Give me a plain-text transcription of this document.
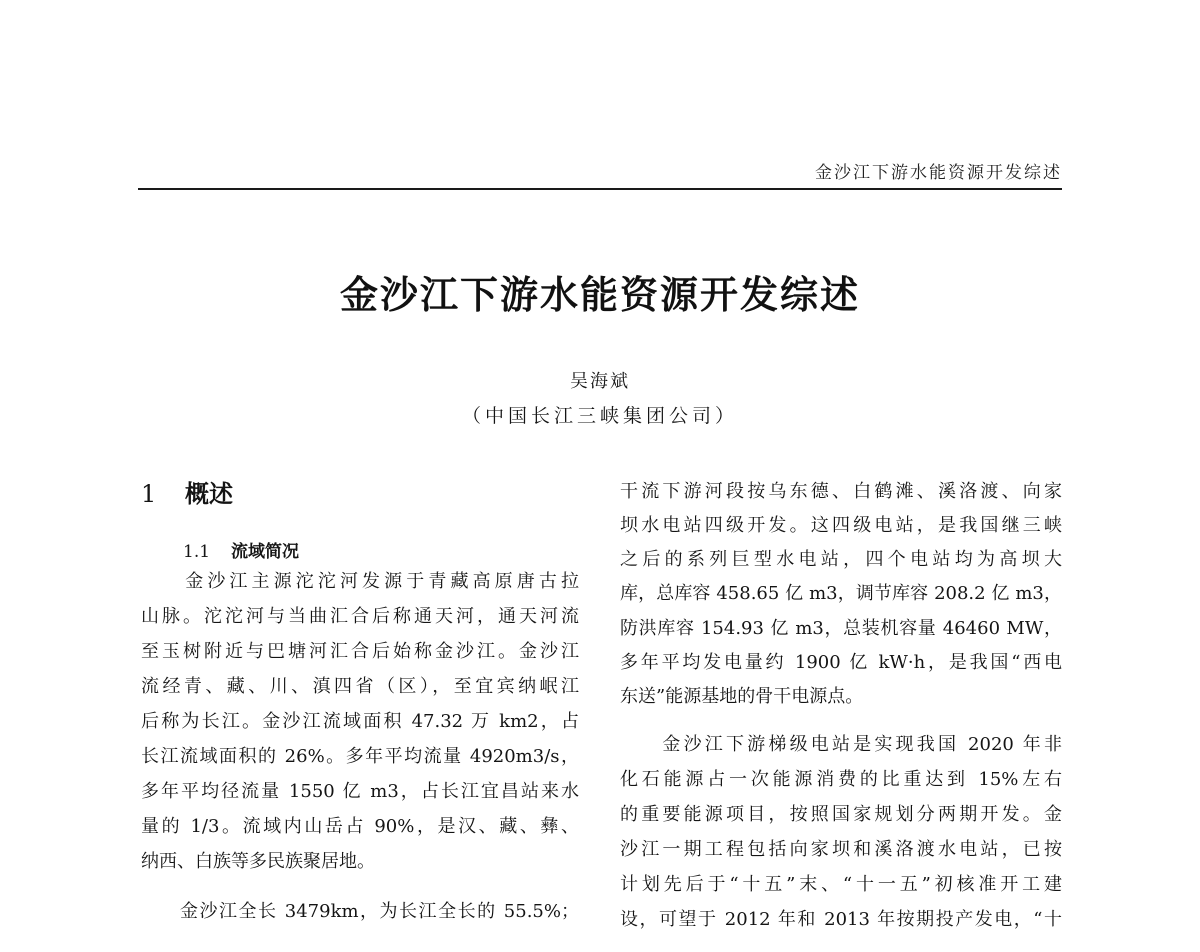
金沙江下游水能资源开发综述
金沙江下游水能资源开发综述
吴海斌
（中国长江三峡集团公司）
1 概述
1.1 流域简况
　　金沙江主源沱沱河发源于青藏高原唐古拉
山脉。沱沱河与当曲汇合后称通天河，通天河流
至玉树附近与巴塘河汇合后始称金沙江。金沙江
流经青、藏、川、滇四省（区），至宜宾纳岷江
后称为长江。金沙江流域面积 47.32 万 km2，占
长江流域面积的 26%。多年平均流量 4920m3/s，
多年平均径流量 1550 亿 m3，占长江宜昌站来水
量的 1/3。流域内山岳占 90%，是汉、藏、彝、
纳西、白族等多民族聚居地。
　　金沙江全长 3479km，为长江全长的 55.5%；
干流下游河段按乌东德、白鹤滩、溪洛渡、向家
坝水电站四级开发。这四级电站，是我国继三峡
之后的系列巨型水电站，四个电站均为高坝大
库，总库容 458.65 亿 m3，调节库容 208.2 亿 m3，
防洪库容 154.93 亿 m3，总装机容量 46460 MW，
多年平均发电量约 1900 亿 kW·h，是我国“西电
东送”能源基地的骨干电源点。
　　金沙江下游梯级电站是实现我国 2020 年非
化石能源占一次能源消费的比重达到 15%左右
的重要能源项目，按照国家规划分两期开发。金
沙江一期工程包括向家坝和溪洛渡水电站，已按
计划先后于“十五”末、“十一五”初核准开工建
设，可望于 2012 年和 2013 年按期投产发电，“十
